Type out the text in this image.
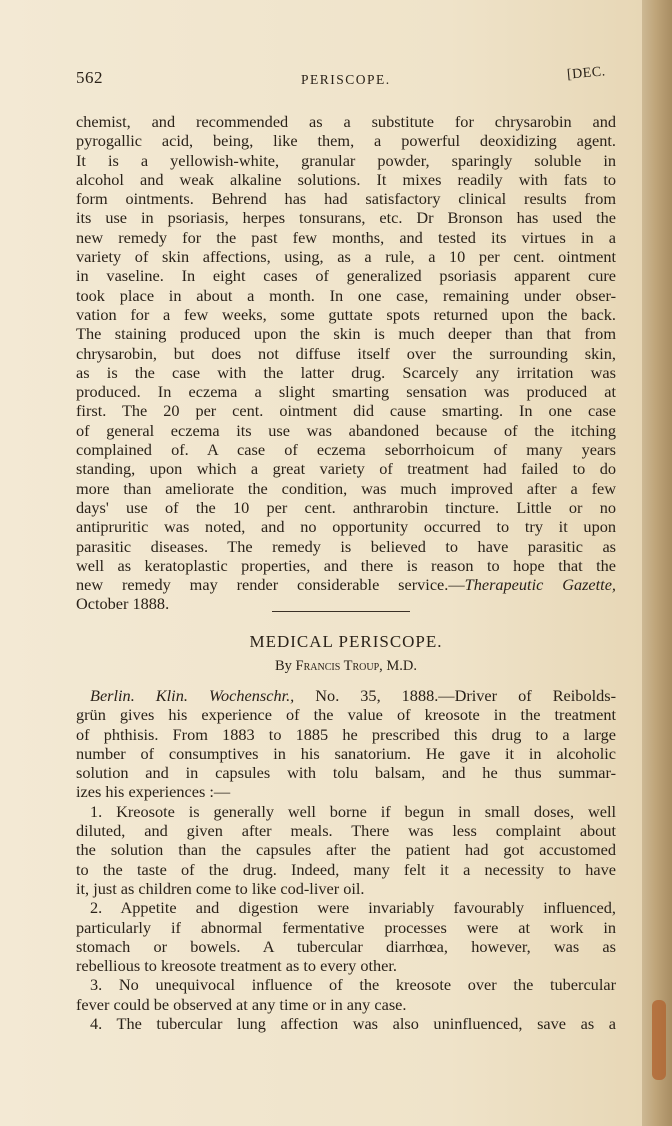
562	PERISCOPE.	[DEC.
chemist, and recommended as a substitute for chrysarobin and
pyrogallic acid, being, like them, a powerful deoxidizing agent.
It is a yellowish-white, granular powder, sparingly soluble in
alcohol and weak alkaline solutions. It mixes readily with fats to
form ointments. Behrend has had satisfactory clinical results from
its use in psoriasis, herpes tonsurans, etc. Dr Bronson has used the
new remedy for the past few months, and tested its virtues in a
variety of skin affections, using, as a rule, a 10 per cent. ointment
in vaseline. In eight cases of generalized psoriasis apparent cure
took place in about a month. In one case, remaining under obser-
vation for a few weeks, some guttate spots returned upon the back.
The staining produced upon the skin is much deeper than that from
chrysarobin, but does not diffuse itself over the surrounding skin,
as is the case with the latter drug. Scarcely any irritation was
produced. In eczema a slight smarting sensation was produced at
first. The 20 per cent. ointment did cause smarting. In one case
of general eczema its use was abandoned because of the itching
complained of. A case of eczema seborrhoicum of many years
standing, upon which a great variety of treatment had failed to do
more than ameliorate the condition, was much improved after a few
days' use of the 10 per cent. anthrarobin tincture. Little or no
antipruritic was noted, and no opportunity occurred to try it upon
parasitic diseases. The remedy is believed to have parasitic as
well as keratoplastic properties, and there is reason to hope that the
new remedy may render considerable service.—Therapeutic Gazette,
October 1888.
MEDICAL PERISCOPE.
By Francis Troup, M.D.
Berlin. Klin. Wochenschr., No. 35, 1888.—Driver of Reibolds-
grün gives his experience of the value of kreosote in the treatment
of phthisis. From 1883 to 1885 he prescribed this drug to a large
number of consumptives in his sanatorium. He gave it in alcoholic
solution and in capsules with tolu balsam, and he thus summar-
izes his experiences :—
1. Kreosote is generally well borne if begun in small doses, well
diluted, and given after meals. There was less complaint about
the solution than the capsules after the patient had got accustomed
to the taste of the drug. Indeed, many felt it a necessity to have
it, just as children come to like cod-liver oil.
2. Appetite and digestion were invariably favourably influenced,
particularly if abnormal fermentative processes were at work in
stomach or bowels. A tubercular diarrhœa, however, was as
rebellious to kreosote treatment as to every other.
3. No unequivocal influence of the kreosote over the tubercular
fever could be observed at any time or in any case.
4. The tubercular lung affection was also uninfluenced, save as a
